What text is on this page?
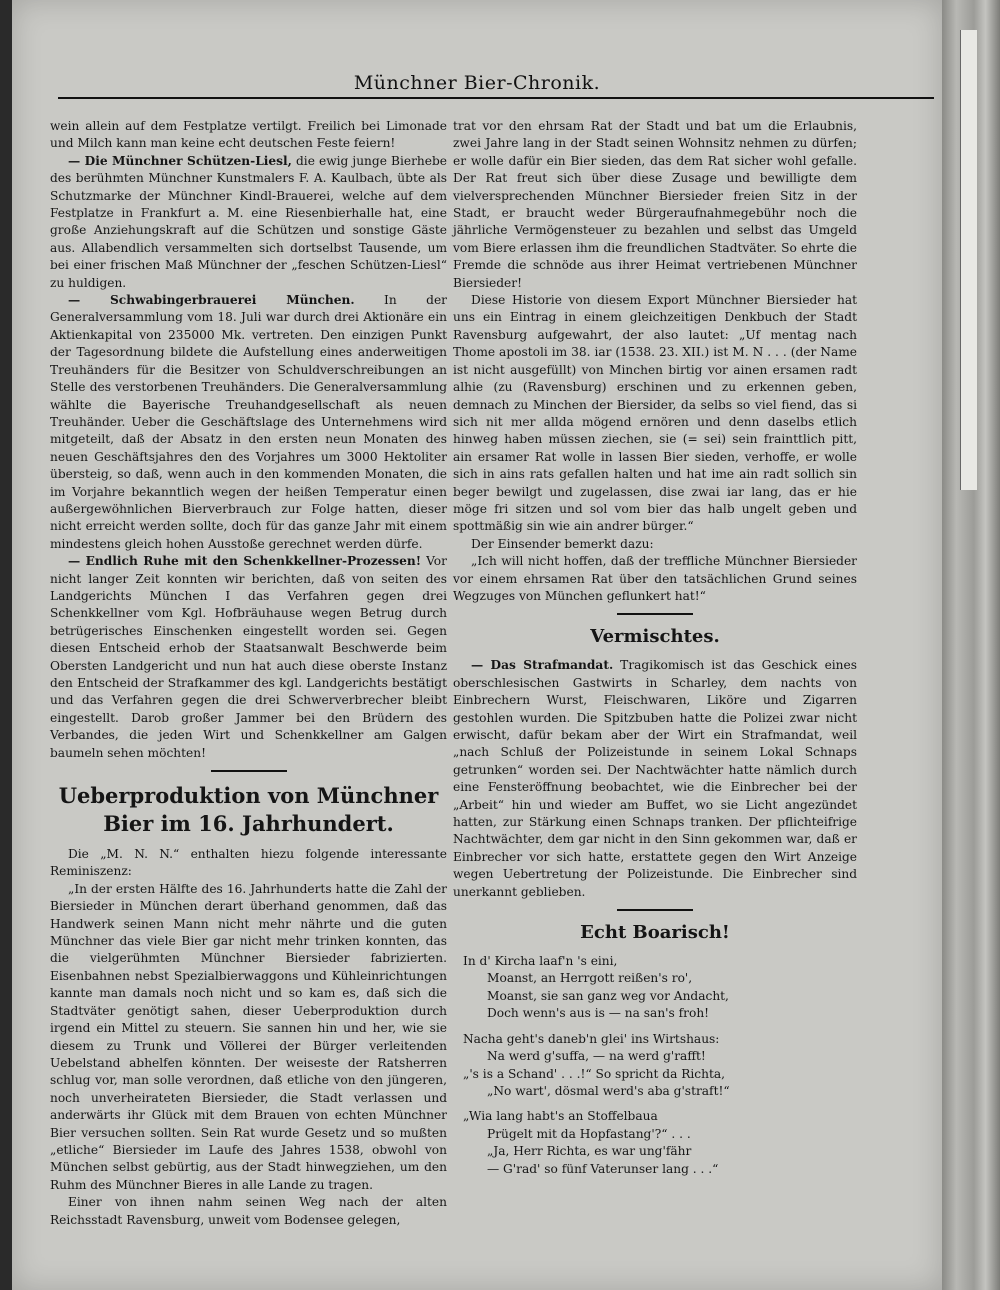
Münchner Bier-Chronik.

wein allein auf dem Festplatze vertilgt. Freilich bei Limonade und Milch kann man keine echt deutschen Feste feiern!

— Die Münchner Schützen-Liesl, die ewig junge Bierhebe des berühmten Münchner Kunstmalers F. A. Kaulbach, übte als Schutzmarke der Münchner Kindl-Brauerei, welche auf dem Festplatze in Frankfurt a. M. eine Riesenbierhalle hat, eine große Anziehungskraft auf die Schützen und sonstige Gäste aus. Allabendlich versammelten sich dortselbst Tausende, um bei einer frischen Maß Münchner der „feschen Schützen-Liesl“ zu huldigen.

— Schwabingerbrauerei München. In der Generalversammlung vom 18. Juli war durch drei Aktionäre ein Aktienkapital von 235000 Mk. vertreten. Den einzigen Punkt der Tagesordnung bildete die Aufstellung eines anderweitigen Treuhänders für die Besitzer von Schuldverschreibungen an Stelle des verstorbenen Treuhänders. Die Generalversammlung wählte die Bayerische Treuhandgesellschaft als neuen Treuhänder. Ueber die Geschäftslage des Unternehmens wird mitgeteilt, daß der Absatz in den ersten neun Monaten des neuen Geschäftsjahres den des Vorjahres um 3000 Hektoliter übersteig, so daß, wenn auch in den kommenden Monaten, die im Vorjahre bekanntlich wegen der heißen Temperatur einen außergewöhnlichen Bierverbrauch zur Folge hatten, dieser nicht erreicht werden sollte, doch für das ganze Jahr mit einem mindestens gleich hohen Ausstoße gerechnet werden dürfe.

— Endlich Ruhe mit den Schenkkellner-Prozessen! Vor nicht langer Zeit konnten wir berichten, daß von seiten des Landgerichts München I das Verfahren gegen drei Schenkkellner vom Kgl. Hofbräuhause wegen Betrug durch betrügerisches Einschenken eingestellt worden sei. Gegen diesen Entscheid erhob der Staatsanwalt Beschwerde beim Obersten Landgericht und nun hat auch diese oberste Instanz den Entscheid der Strafkammer des kgl. Landgerichts bestätigt und das Verfahren gegen die drei Schwerverbrecher bleibt eingestellt. Darob großer Jammer bei den Brüdern des Verbandes, die jeden Wirt und Schenkkellner am Galgen baumeln sehen möchten!

Ueberproduktion von Münchner Bier im 16. Jahrhundert.

Die „M. N. N.“ enthalten hiezu folgende interessante Reminiszenz:

„In der ersten Hälfte des 16. Jahrhunderts hatte die Zahl der Biersieder in München derart überhand genommen, daß das Handwerk seinen Mann nicht mehr nährte und die guten Münchner das viele Bier gar nicht mehr trinken konnten, das die vielgerühmten Münchner Biersieder fabrizierten. Eisenbahnen nebst Spezialbierwaggons und Kühleinrichtungen kannte man damals noch nicht und so kam es, daß sich die Stadtväter genötigt sahen, dieser Ueberproduktion durch irgend ein Mittel zu steuern. Sie sannen hin und her, wie sie diesem zu Trunk und Völlerei der Bürger verleitenden Uebelstand abhelfen könnten. Der weiseste der Ratsherren schlug vor, man solle verordnen, daß etliche von den jüngeren, noch unverheirateten Biersieder, die Stadt verlassen und anderwärts ihr Glück mit dem Brauen von echten Münchner Bier versuchen sollten. Sein Rat wurde Gesetz und so mußten „etliche“ Biersieder im Laufe des Jahres 1538, obwohl von München selbst gebürtig, aus der Stadt hinwegziehen, um den Ruhm des Münchner Bieres in alle Lande zu tragen.

Einer von ihnen nahm seinen Weg nach der alten Reichsstadt Ravensburg, unweit vom Bodensee gelegen,

trat vor den ehrsam Rat der Stadt und bat um die Erlaubnis, zwei Jahre lang in der Stadt seinen Wohnsitz nehmen zu dürfen; er wolle dafür ein Bier sieden, das dem Rat sicher wohl gefalle. Der Rat freut sich über diese Zusage und bewilligte dem vielversprechenden Münchner Biersieder freien Sitz in der Stadt, er braucht weder Bürgeraufnahmegebühr noch die jährliche Vermögensteuer zu bezahlen und selbst das Umgeld vom Biere erlassen ihm die freundlichen Stadtväter. So ehrte die Fremde die schnöde aus ihrer Heimat vertriebenen Münchner Biersieder!

Diese Historie von diesem Export Münchner Biersieder hat uns ein Eintrag in einem gleichzeitigen Denkbuch der Stadt Ravensburg aufgewahrt, der also lautet: „Uf mentag nach Thome apostoli im 38. iar (1538. 23. XII.) ist M. N . . . (der Name ist nicht ausgefüllt) von Minchen birtig vor ainen ersamen radt alhie (zu (Ravensburg) erschinen und zu erkennen geben, demnach zu Minchen der Biersider, da selbs so viel fiend, das si sich nit mer allda mögend ernören und denn daselbs etlich hinweg haben müssen ziechen, sie (= sei) sein frainttlich pitt, ain ersamer Rat wolle in lassen Bier sieden, verhoffe, er wolle sich in ains rats gefallen halten und hat ime ain radt sollich sin beger bewilgt und zugelassen, dise zwai iar lang, das er hie möge fri sitzen und sol vom bier das halb ungelt geben und spottmäßig sin wie ain andrer bürger.“

Der Einsender bemerkt dazu:

„Ich will nicht hoffen, daß der treffliche Münchner Biersieder vor einem ehrsamen Rat über den tatsächlichen Grund seines Wegzuges von München geflunkert hat!“

Vermischtes.

— Das Strafmandat. Tragikomisch ist das Geschick eines oberschlesischen Gastwirts in Scharley, dem nachts von Einbrechern Wurst, Fleischwaren, Liköre und Zigarren gestohlen wurden. Die Spitzbuben hatte die Polizei zwar nicht erwischt, dafür bekam aber der Wirt ein Strafmandat, weil „nach Schluß der Polizeistunde in seinem Lokal Schnaps getrunken“ worden sei. Der Nachtwächter hatte nämlich durch eine Fensteröffnung beobachtet, wie die Einbrecher bei der „Arbeit“ hin und wieder am Buffet, wo sie Licht angezündet hatten, zur Stärkung einen Schnaps tranken. Der pflichteifrige Nachtwächter, dem gar nicht in den Sinn gekommen war, daß er Einbrecher vor sich hatte, erstattete gegen den Wirt Anzeige wegen Uebertretung der Polizeistunde. Die Einbrecher sind unerkannt geblieben.

Echt Boarisch!
In d' Kircha laaf'n 's eini,
Moanst, an Herrgott reißen's ro',
Moanst, sie san ganz weg vor Andacht,
Doch wenn's aus is — na san's froh!
Nacha geht's daneb'n glei' ins Wirtshaus:
Na werd g'suffa, — na werd g'rafft!
„'s is a Schand' . . .!“ So spricht da Richta,
„No wart', dösmal werd's aba g'straft!“
„Wia lang habt's an Stoffelbaua
Prügelt mit da Hopfastang'?“ . . .
„Ja, Herr Richta, es war ung'fähr
— G'rad' so fünf Vaterunser lang . . .“
